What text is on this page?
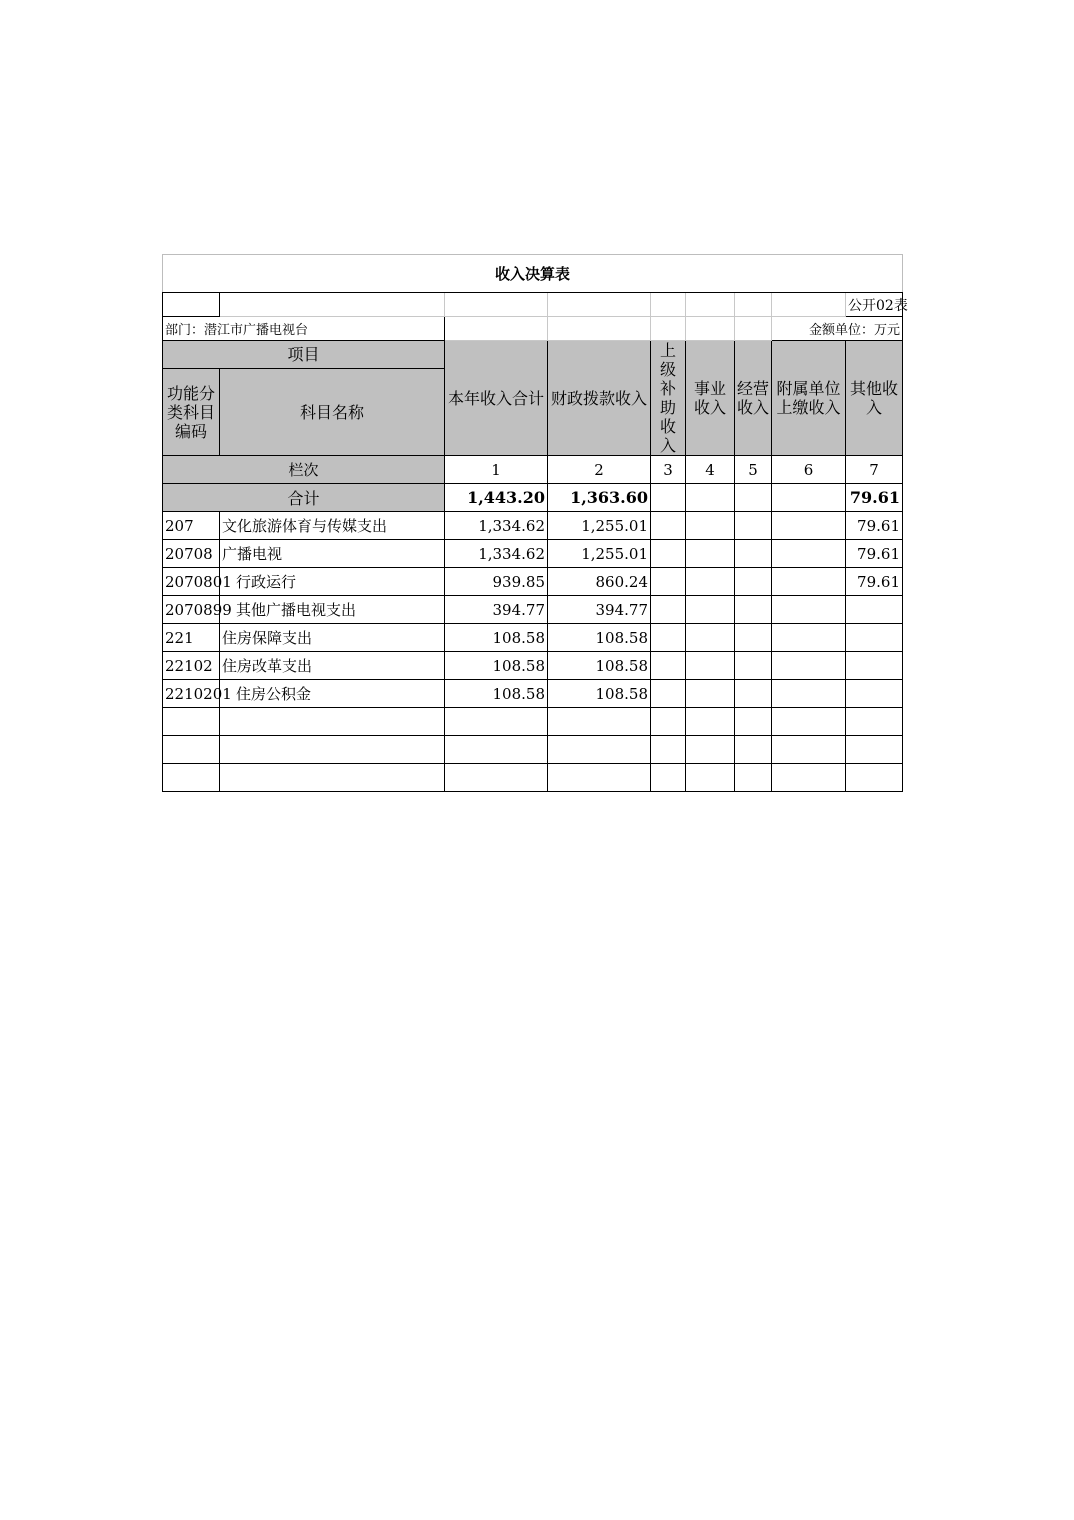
收入决算表								
								公开02表
部门：潜江市广播电视台							金额单位：万元	
项目		本年收入合计	财政拨款收入	上级补助收入	事业收入	经营收入	附属单位上缴收入	其他收入
功能分类科目编码	科目名称							
栏次		1	2	3	4	5	6	7
合计		1,443.20	1,363.60					79.61
207	文化旅游体育与传媒支出	1,334.62	1,255.01					79.61
20708	广播电视	1,334.62	1,255.01					79.61
2070801	行政运行	939.85	860.24					79.61
2070899	其他广播电视支出	394.77	394.77					
221	住房保障支出	108.58	108.58					
22102	住房改革支出	108.58	108.58					
2210201	住房公积金	108.58	108.58					
